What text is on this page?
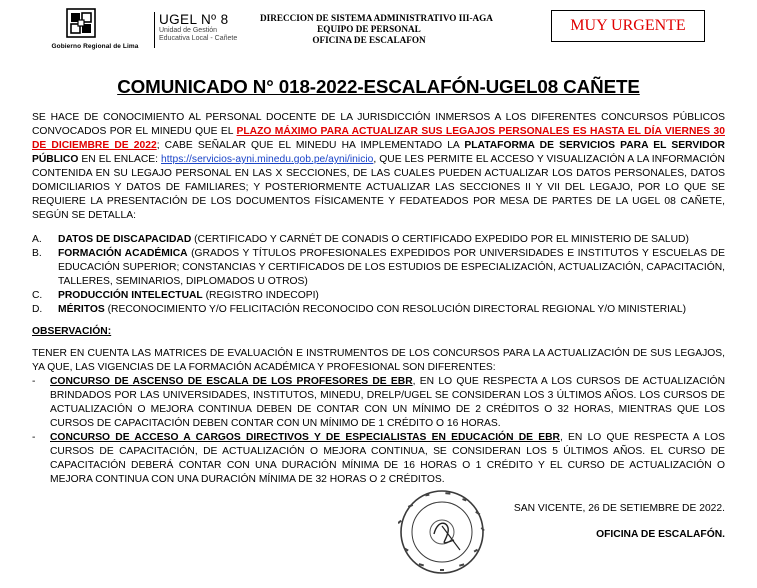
Gobierno Regional de Lima
UGEL Nº 8
Unidad de Gestión
Educativa Local - Cañete
DIRECCION DE SISTEMA ADMINISTRATIVO III-AGA
EQUIPO DE PERSONAL
OFICINA DE ESCALAFON
MUY URGENTE
COMUNICADO N° 018-2022-ESCALAFÓN-UGEL08 CAÑETE
SE HACE DE CONOCIMIENTO AL PERSONAL DOCENTE DE LA JURISDICCIÓN INMERSOS A LOS DIFERENTES CONCURSOS PÚBLICOS CONVOCADOS POR EL MINEDU QUE EL PLAZO MÁXIMO PARA ACTUALIZAR SUS LEGAJOS PERSONALES ES HASTA EL DÍA VIERNES 30 DE DICIEMBRE DE 2022; CABE SEÑALAR QUE EL MINEDU HA IMPLEMENTADO LA PLATAFORMA DE SERVICIOS PARA EL SERVIDOR PÚBLICO EN EL ENLACE: https://servicios-ayni.minedu.gob.pe/ayni/inicio, QUE LES PERMITE EL ACCESO Y VISUALIZACIÓN A LA INFORMACIÓN CONTENIDA EN SU LEGAJO PERSONAL EN LAS X SECCIONES, DE LAS CUALES PUEDEN ACTUALIZAR LOS DATOS PERSONALES, DATOS DOMICILIARIOS Y DATOS DE FAMILIARES; Y POSTERIORMENTE ACTUALIZAR LAS SECCIONES II Y VII DEL LEGAJO, POR LO QUE SE REQUIERE LA PRESENTACIÓN DE LOS DOCUMENTOS FÍSICAMENTE Y FEDATEADOS POR MESA DE PARTES DE LA UGEL 08 CAÑETE, SEGÚN SE DETALLA:
A.	DATOS DE DISCAPACIDAD (CERTIFICADO Y CARNÉT DE CONADIS O CERTIFICADO EXPEDIDO POR EL MINISTERIO DE SALUD)
B.	FORMACIÓN ACADÉMICA (GRADOS Y TÍTULOS PROFESIONALES EXPEDIDOS POR UNIVERSIDADES E INSTITUTOS Y ESCUELAS DE EDUCACIÓN SUPERIOR; CONSTANCIAS Y CERTIFICADOS DE LOS ESTUDIOS DE ESPECIALIZACIÓN, ACTUALIZACIÓN, CAPACITACIÓN, TALLERES, SEMINARIOS, DIPLOMADOS U OTROS)
C.	PRODUCCIÓN INTELECTUAL (REGISTRO INDECOPI)
D.	MÉRITOS (RECONOCIMIENTO Y/O FELICITACIÓN RECONOCIDO CON RESOLUCIÓN DIRECTORAL REGIONAL Y/O MINISTERIAL)
OBSERVACIÓN:
TENER EN CUENTA LAS MATRICES DE EVALUACIÓN E INSTRUMENTOS DE LOS CONCURSOS PARA LA ACTUALIZACIÓN DE SUS LEGAJOS, YA QUE, LAS VIGENCIAS DE LA FORMACIÓN ACADÉMICA Y PROFESIONAL SON DIFERENTES:
-	CONCURSO DE ASCENSO DE ESCALA DE LOS PROFESORES DE EBR, EN LO QUE RESPECTA A LOS CURSOS DE ACTUALIZACIÓN BRINDADOS POR LAS UNIVERSIDADES, INSTITUTOS, MINEDU, DRELP/UGEL SE CONSIDERAN LOS 3 ÚLTIMOS AÑOS. LOS CURSOS DE ACTUALIZACIÓN O MEJORA CONTINUA DEBEN DE CONTAR CON UN MÍNIMO DE 2 CRÉDITOS O 32 HORAS, MIENTRAS QUE LOS CURSOS DE CAPACITACIÓN DEBEN CONTAR CON UN MÍNIMO DE 1 CRÉDITO O 16 HORAS.
-	CONCURSO DE ACCESO A CARGOS DIRECTIVOS Y DE ESPECIALISTAS EN EDUCACIÓN DE EBR, EN LO QUE RESPECTA A LOS CURSOS DE CAPACITACIÓN, DE ACTUALIZACIÓN O MEJORA CONTINUA, SE CONSIDERAN LOS 5 ÚLTIMOS AÑOS. EL CURSO DE CAPACITACIÓN DEBERÁ CONTAR CON UNA DURACIÓN MÍNIMA DE 16 HORAS O 1 CRÉDITO Y EL CURSO DE ACTUALIZACIÓN O MEJORA CONTINUA CON UNA DURACIÓN MÍNIMA DE 32 HORAS O 2 CRÉDITOS.
SAN VICENTE, 26 DE SETIEMBRE DE 2022.
OFICINA DE ESCALAFÓN.
